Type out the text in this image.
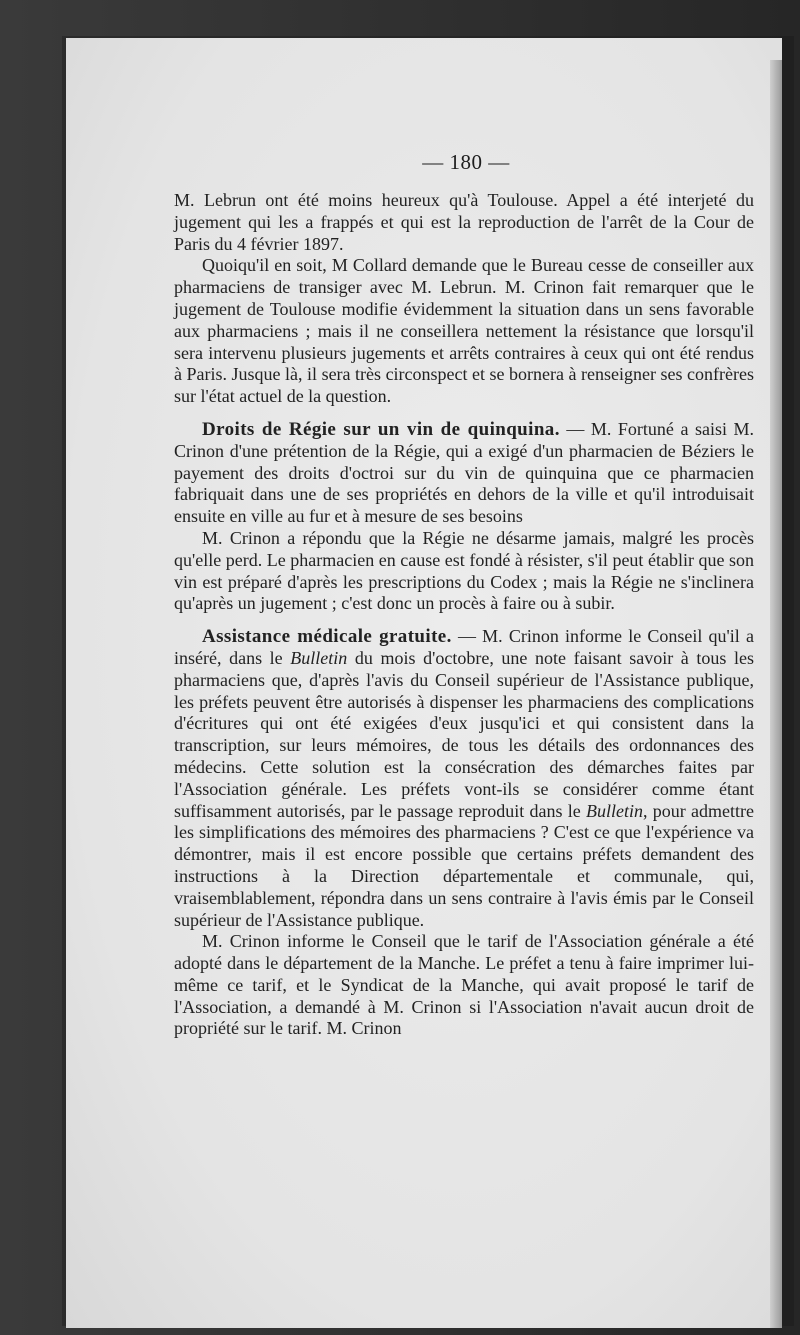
— 180 —

M. Lebrun ont été moins heureux qu'à Toulouse. Appel a été interjeté du jugement qui les a frappés et qui est la reproduction de l'arrêt de la Cour de Paris du 4 février 1897.

Quoiqu'il en soit, M Collard demande que le Bureau cesse de conseiller aux pharmaciens de transiger avec M. Lebrun. M. Crinon fait remarquer que le jugement de Toulouse modifie évidemment la situation dans un sens favorable aux pharmaciens ; mais il ne conseillera nettement la résistance que lorsqu'il sera intervenu plusieurs jugements et arrêts contraires à ceux qui ont été rendus à Paris. Jusque là, il sera très circonspect et se bornera à renseigner ses confrères sur l'état actuel de la question.

Droits de Régie sur un vin de quinquina. — M. Fortuné a saisi M. Crinon d'une prétention de la Régie, qui a exigé d'un pharmacien de Béziers le payement des droits d'octroi sur du vin de quinquina que ce pharmacien fabriquait dans une de ses propriétés en dehors de la ville et qu'il introduisait ensuite en ville au fur et à mesure de ses besoins

M. Crinon a répondu que la Régie ne désarme jamais, malgré les procès qu'elle perd. Le pharmacien en cause est fondé à résister, s'il peut établir que son vin est préparé d'après les prescriptions du Codex ; mais la Régie ne s'inclinera qu'après un jugement ; c'est donc un procès à faire ou à subir.

Assistance médicale gratuite. — M. Crinon informe le Conseil qu'il a inséré, dans le Bulletin du mois d'octobre, une note faisant savoir à tous les pharmaciens que, d'après l'avis du Conseil supérieur de l'Assistance publique, les préfets peuvent être autorisés à dispenser les pharmaciens des complications d'écritures qui ont été exigées d'eux jusqu'ici et qui consistent dans la transcription, sur leurs mémoires, de tous les détails des ordonnances des médecins. Cette solution est la consécration des démarches faites par l'Association générale. Les préfets vont-ils se considérer comme étant suffisamment autorisés, par le passage reproduit dans le Bulletin, pour admettre les simplifications des mémoires des pharmaciens ? C'est ce que l'expérience va démontrer, mais il est encore possible que certains préfets demandent des instructions à la Direction départementale et communale, qui, vraisemblablement, répondra dans un sens contraire à l'avis émis par le Conseil supérieur de l'Assistance publique.

M. Crinon informe le Conseil que le tarif de l'Association générale a été adopté dans le département de la Manche. Le préfet a tenu à faire imprimer lui-même ce tarif, et le Syndicat de la Manche, qui avait proposé le tarif de l'Association, a demandé à M. Crinon si l'Association n'avait aucun droit de propriété sur le tarif. M. Crinon
